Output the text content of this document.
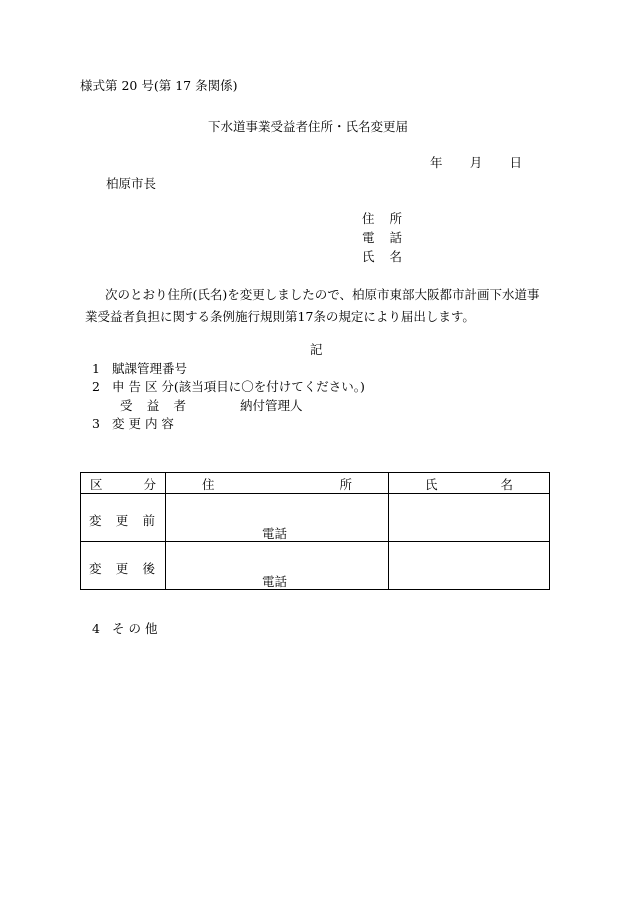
様式第 20 号(第 17 条関係)
下水道事業受益者住所・氏名変更届
年 月 日
柏原市長
住 所
電 話
氏 名
次のとおり住所(氏名)を変更しましたので、柏原市東部大阪都市計画下水道事業受益者負担に関する条例施行規則第17条の規定により届出します。
記
1 賦課管理番号
2 申 告 区 分(該当項目に〇を付けてください。)
受 益 者	納付管理人
3 変 更 内 容
区 分	住 所	氏 名

変 更 前	電話	

変 更 後	電話	

4 そ の 他
